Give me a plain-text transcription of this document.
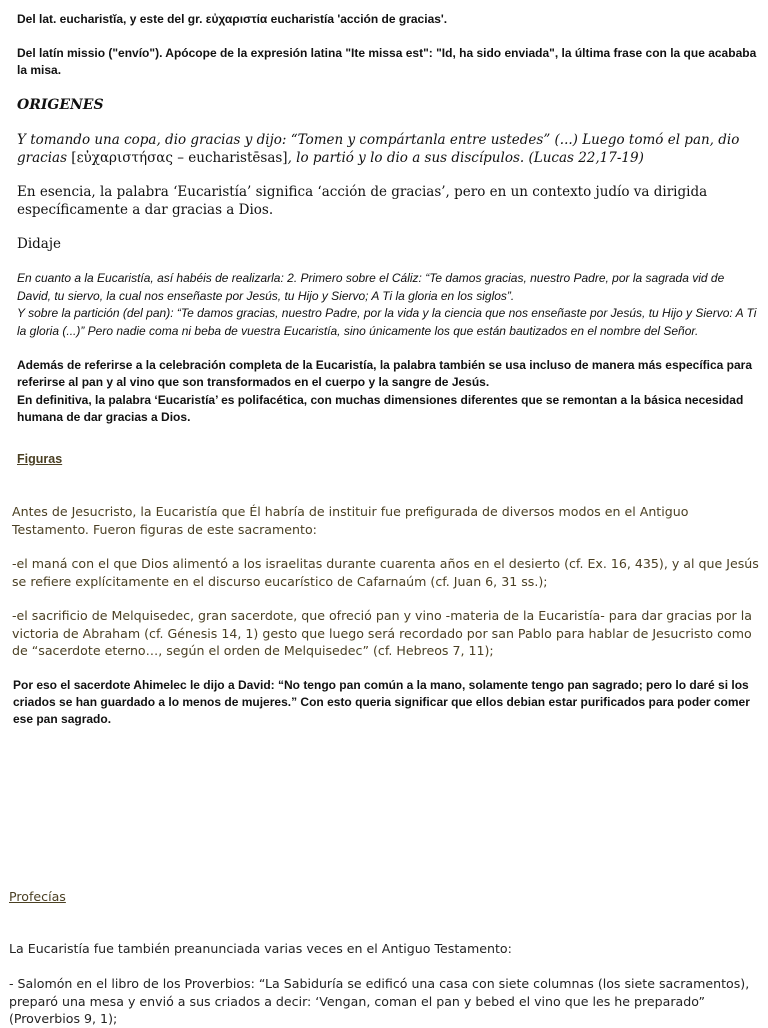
Del lat. eucharistĭa, y este del gr. εὐχαριστία eucharistía 'acción de gracias'.

Del latín missio ("envío"). Apócope de la expresión latina "Ite missa est": "Id, ha sido enviada", la última frase con la que acababa la misa.

ORIGENES

Y tomando una copa, dio gracias y dijo: “Tomen y compártanla entre ustedes” (...) Luego tomó el pan, dio gracias [εὐχαριστήσας – eucharistēsas], lo partió y lo dio a sus discípulos. (Lucas 22,17-19)

En esencia, la palabra ‘Eucaristía’ significa ‘acción de gracias’, pero en un contexto judío va dirigida específicamente a dar gracias a Dios.

Didaje

En cuanto a la Eucaristía, así habéis de realizarla: 2. Primero sobre el Cáliz: “Te damos gracias, nuestro Padre, por la sagrada vid de David, tu siervo, la cual nos enseñaste por Jesús, tu Hijo y Siervo; A Ti la gloria en los siglos”.

Y sobre la partición (del pan): “Te damos gracias, nuestro Padre, por la vida y la ciencia que nos enseñaste por Jesús, tu Hijo y Siervo: A Ti la gloria (...)” Pero nadie coma ni beba de vuestra Eucaristía, sino únicamente los que están bautizados en el nombre del Señor.

Además de referirse a la celebración completa de la Eucaristía, la palabra también se usa incluso de manera más específica para referirse al pan y al vino que son transformados en el cuerpo y la sangre de Jesús.

En definitiva, la palabra ‘Eucaristía’ es polifacética, con muchas dimensiones diferentes que se remontan a la básica necesidad humana de dar gracias a Dios.

Figuras

Antes de Jesucristo, la Eucaristía que Él habría de instituir fue prefigurada de diversos modos en el Antiguo Testamento. Fueron figuras de este sacramento:

-el maná con el que Dios alimentó a los israelitas durante cuarenta años en el desierto (cf. Ex. 16, 435), y al que Jesús se refiere explícitamente en el discurso eucarístico de Cafarnaúm (cf. Juan 6, 31 ss.);

-el sacrificio de Melquisedec, gran sacerdote, que ofreció pan y vino -materia de la Eucaristía- para dar gracias por la victoria de Abraham (cf. Génesis 14, 1) gesto que luego será recordado por san Pablo para hablar de Jesucristo como de “sacerdote eterno…, según el orden de Melquisedec” (cf. Hebreos 7, 11);

Por eso el sacerdote Ahimelec le dijo a David: “No tengo pan común a la mano, solamente tengo pan sagrado; pero lo daré si los criados se han guardado a lo menos de mujeres.” Con esto queria significar que ellos debian estar purificados para poder comer ese pan sagrado.

Profecías

La Eucaristía fue también preanunciada varias veces en el Antiguo Testamento:

- Salomón en el libro de los Proverbios: “La Sabiduría se edificó una casa con siete columnas (los siete sacramentos), preparó una mesa y envió a sus criados a decir: ‘Vengan, coman el pan y bebed el vino que les he preparado” (Proverbios 9, 1);
